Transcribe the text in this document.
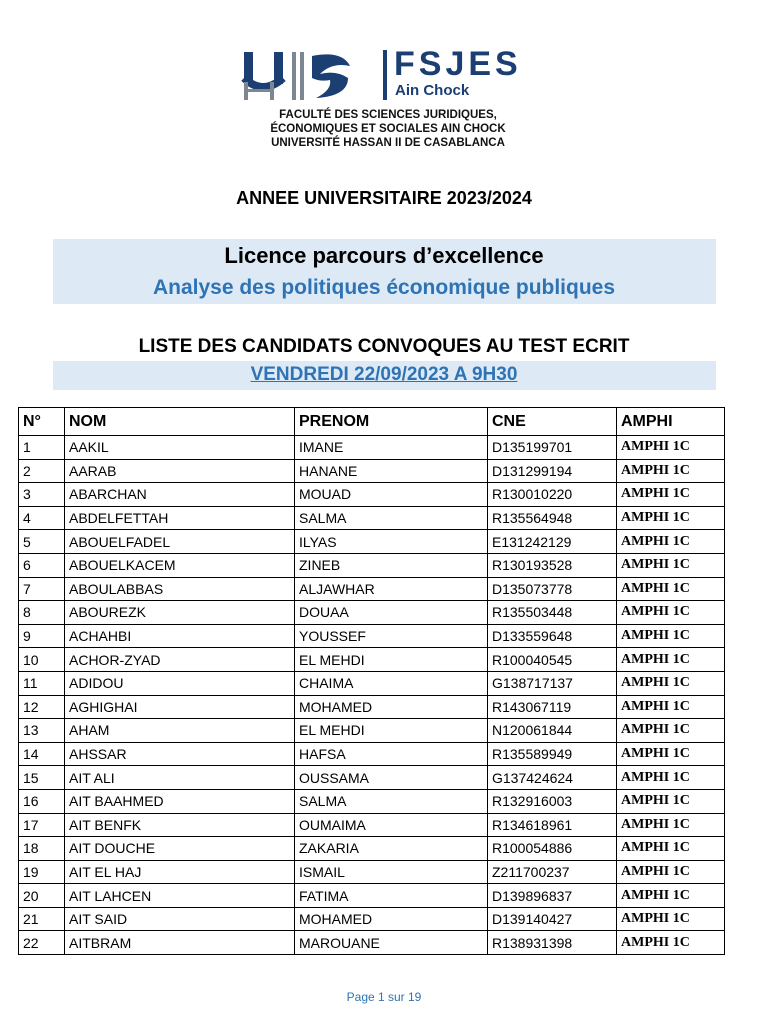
FSJES
Ain Chock
FACULTÉ DES SCIENCES JURIDIQUES,
ÉCONOMIQUES ET SOCIALES AIN CHOCK
UNIVERSITÉ HASSAN II DE CASABLANCA
ANNEE UNIVERSITAIRE 2023/2024
Licence parcours d’excellence
Analyse des politiques économique publiques
LISTE DES CANDIDATS CONVOQUES AU TEST ECRIT
VENDREDI 22/09/2023 A 9H30
N°	NOM	PRENOM	CNE	AMPHI
1	AAKIL	IMANE	D135199701	AMPHI 1C
2	AARAB	HANANE	D131299194	AMPHI 1C
3	ABARCHAN	MOUAD	R130010220	AMPHI 1C
4	ABDELFETTAH	SALMA	R135564948	AMPHI 1C
5	ABOUELFADEL	ILYAS	E131242129	AMPHI 1C
6	ABOUELKACEM	ZINEB	R130193528	AMPHI 1C
7	ABOULABBAS	ALJAWHAR	D135073778	AMPHI 1C
8	ABOUREZK	DOUAA	R135503448	AMPHI 1C
9	ACHAHBI	YOUSSEF	D133559648	AMPHI 1C
10	ACHOR-ZYAD	EL MEHDI	R100040545	AMPHI 1C
11	ADIDOU	CHAIMA	G138717137	AMPHI 1C
12	AGHIGHAI	MOHAMED	R143067119	AMPHI 1C
13	AHAM	EL MEHDI	N120061844	AMPHI 1C
14	AHSSAR	HAFSA	R135589949	AMPHI 1C
15	AIT ALI	OUSSAMA	G137424624	AMPHI 1C
16	AIT BAAHMED	SALMA	R132916003	AMPHI 1C
17	AIT BENFK	OUMAIMA	R134618961	AMPHI 1C
18	AIT DOUCHE	ZAKARIA	R100054886	AMPHI 1C
19	AIT EL HAJ	ISMAIL	Z211700237	AMPHI 1C
20	AIT LAHCEN	FATIMA	D139896837	AMPHI 1C
21	AIT SAID	MOHAMED	D139140427	AMPHI 1C
22	AITBRAM	MAROUANE	R138931398	AMPHI 1C
Page 1 sur 19
